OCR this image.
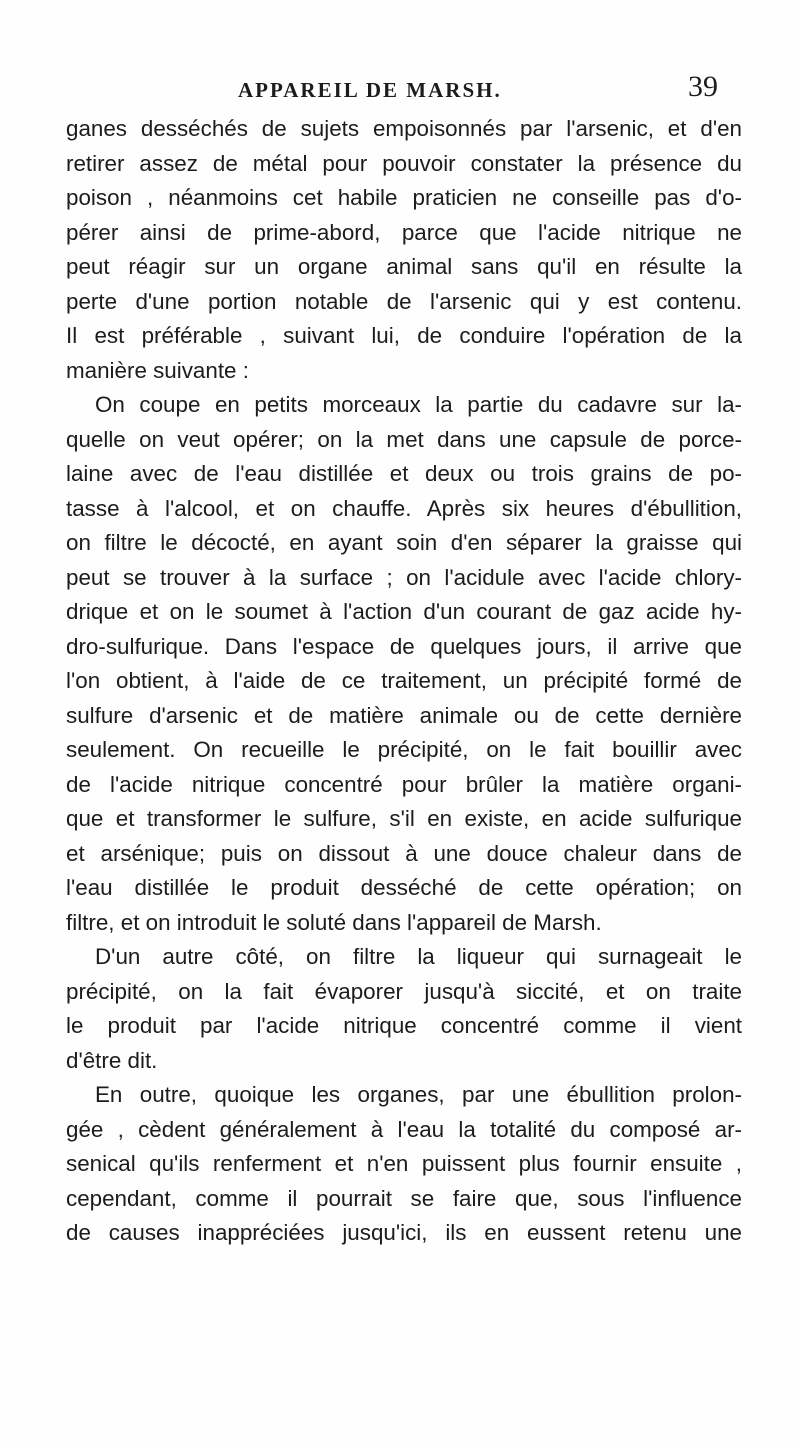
APPAREIL DE MARSH.	39
ganes desséchés de sujets empoisonnés par l'arsenic, et d'en
retirer assez de métal pour pouvoir constater la présence du
poison , néanmoins cet habile praticien ne conseille pas d'o-
pérer ainsi de prime-abord, parce que l'acide nitrique ne
peut réagir sur un organe animal sans qu'il en résulte la
perte d'une portion notable de l'arsenic qui y est contenu.
Il est préférable , suivant lui, de conduire l'opération de la
manière suivante :
On coupe en petits morceaux la partie du cadavre sur la-
quelle on veut opérer; on la met dans une capsule de porce-
laine avec de l'eau distillée et deux ou trois grains de po-
tasse à l'alcool, et on chauffe. Après six heures d'ébullition,
on filtre le décocté, en ayant soin d'en séparer la graisse qui
peut se trouver à la surface ; on l'acidule avec l'acide chlory-
drique et on le soumet à l'action d'un courant de gaz acide hy-
dro-sulfurique. Dans l'espace de quelques jours, il arrive que
l'on obtient, à l'aide de ce traitement, un précipité formé de
sulfure d'arsenic et de matière animale ou de cette dernière
seulement. On recueille le précipité, on le fait bouillir avec
de l'acide nitrique concentré pour brûler la matière organi-
que et transformer le sulfure, s'il en existe, en acide sulfurique
et arsénique; puis on dissout à une douce chaleur dans de
l'eau distillée le produit desséché de cette opération; on
filtre, et on introduit le soluté dans l'appareil de Marsh.
D'un autre côté, on filtre la liqueur qui surnageait le
précipité, on la fait évaporer jusqu'à siccité, et on traite
le produit par l'acide nitrique concentré comme il vient
d'être dit.
En outre, quoique les organes, par une ébullition prolon-
gée , cèdent généralement à l'eau la totalité du composé ar-
senical qu'ils renferment et n'en puissent plus fournir ensuite ,
cependant, comme il pourrait se faire que, sous l'influence
de causes inappréciées jusqu'ici, ils en eussent retenu une
